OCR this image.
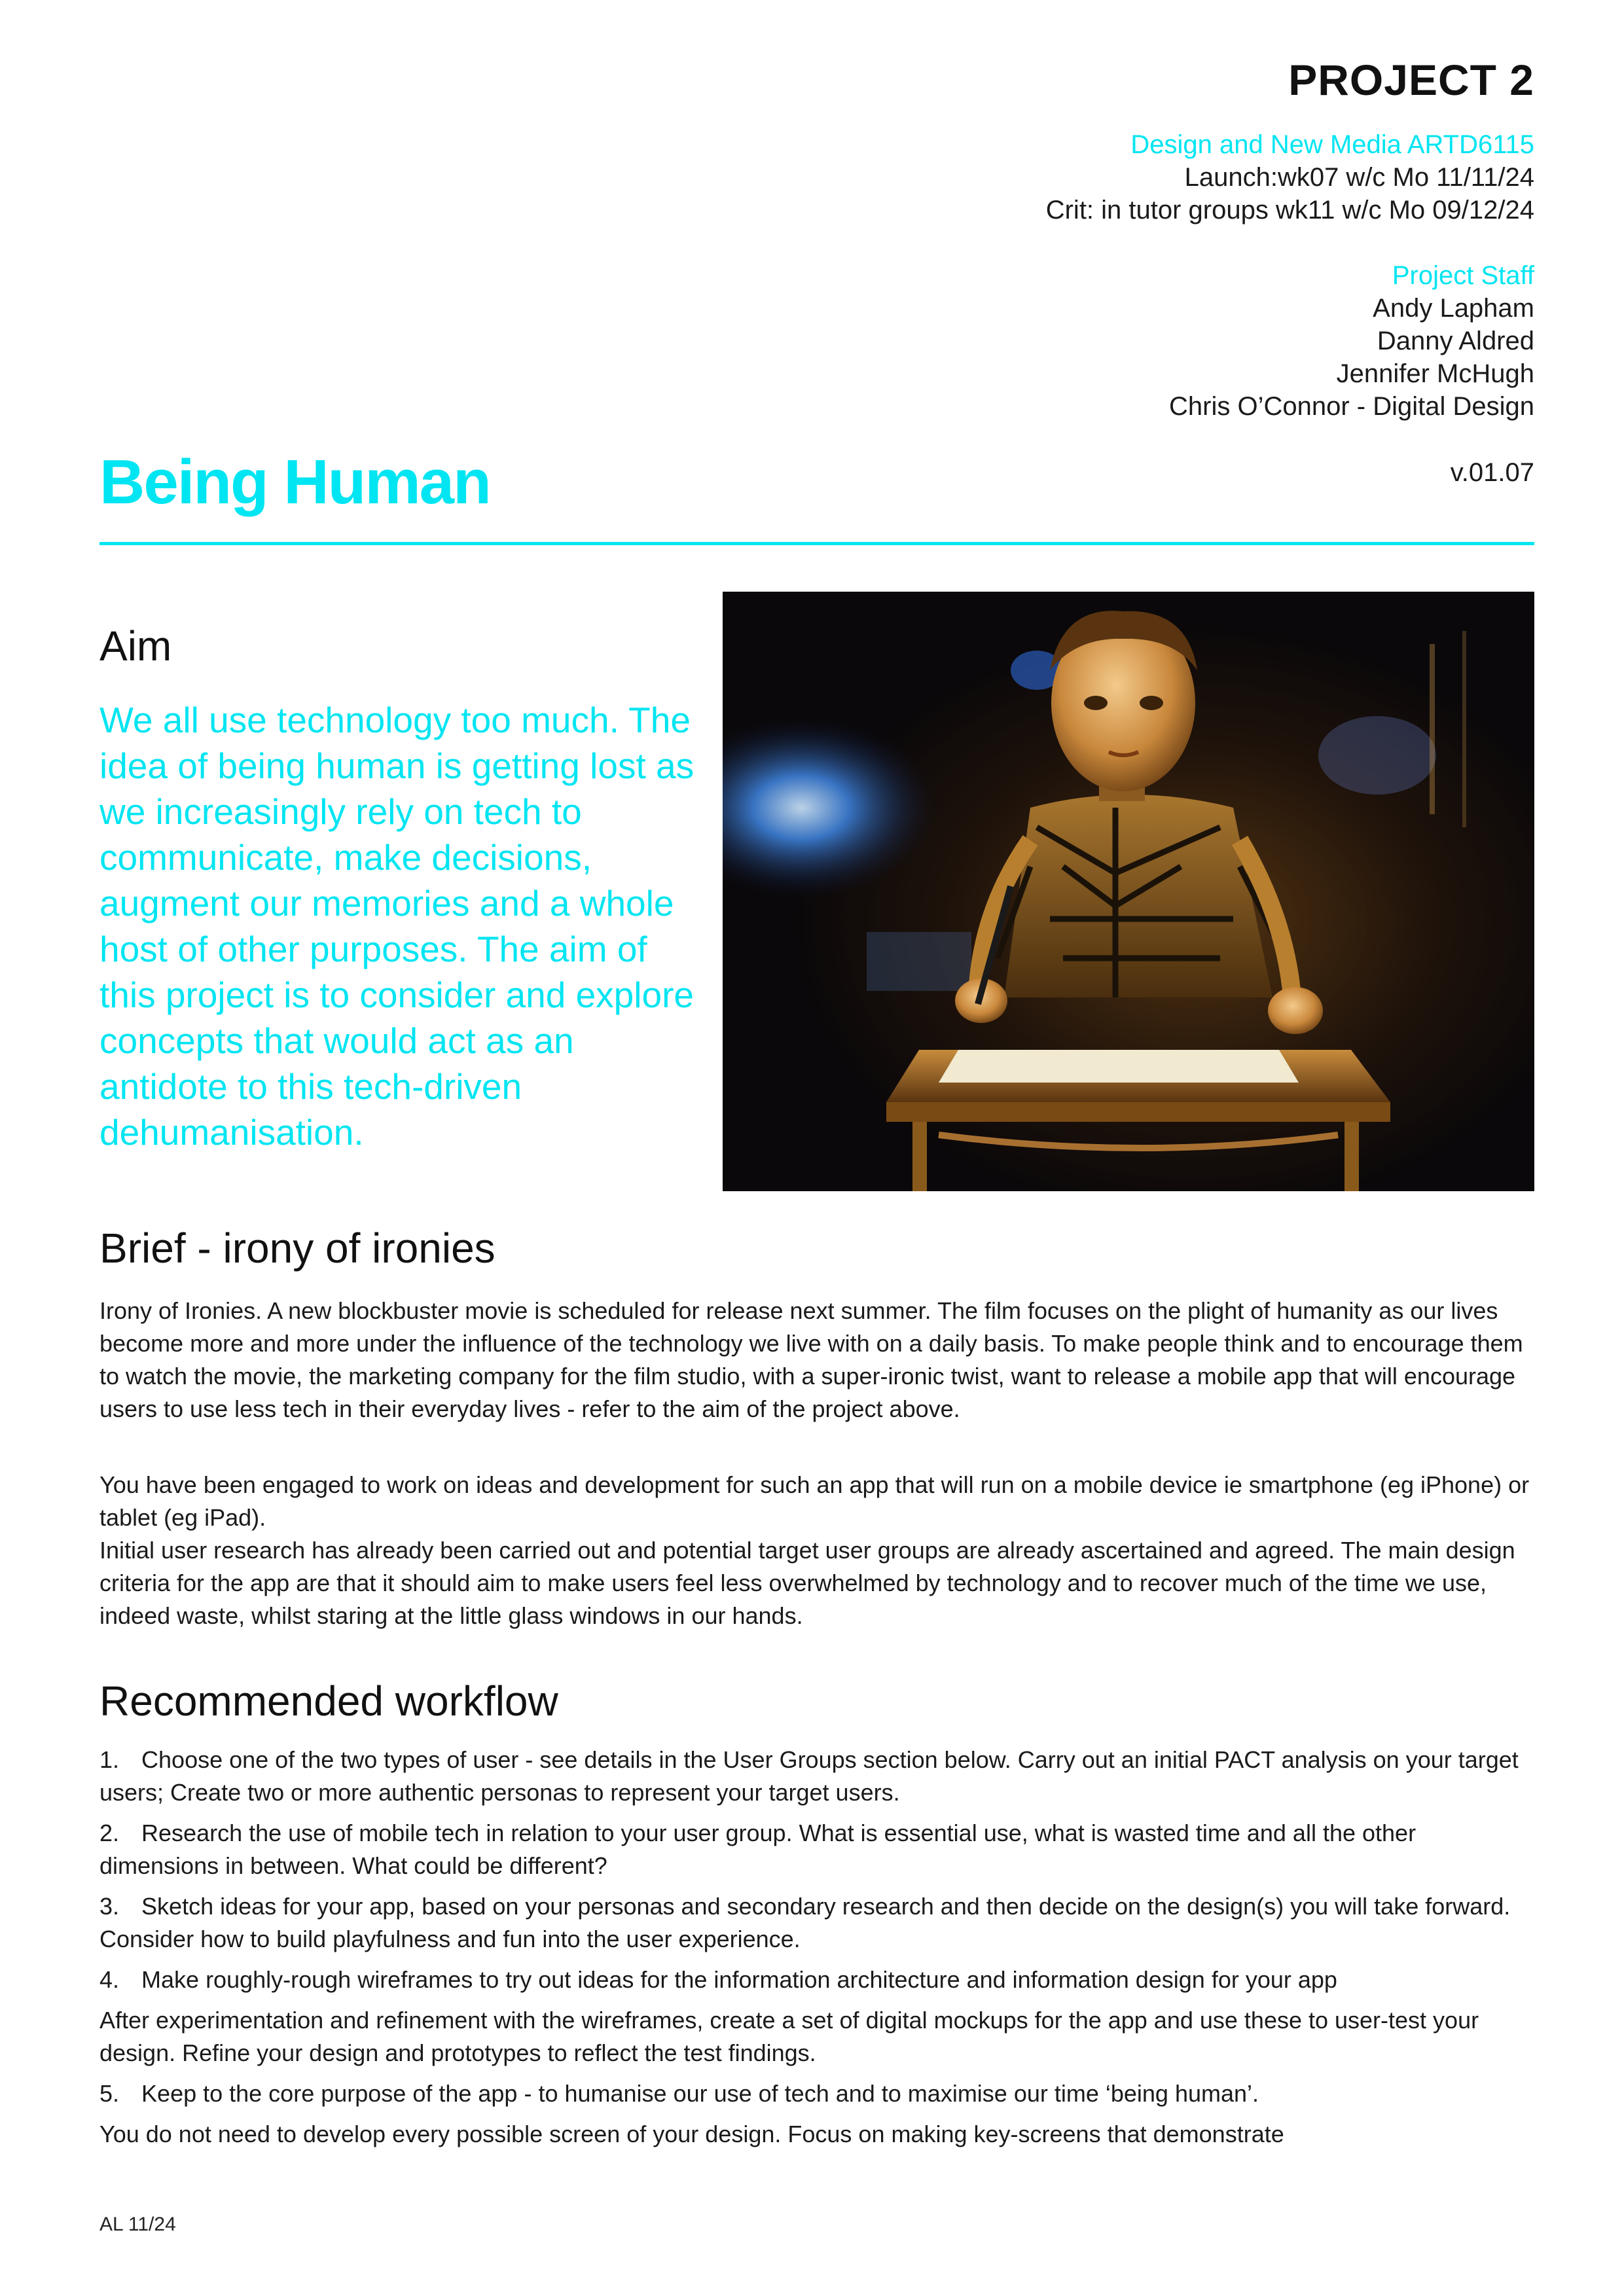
PROJECT 2
Design and New Media ARTD6115
Launch:wk07 w/c Mo 11/11/24
Crit: in tutor groups wk11 w/c Mo 09/12/24
Project Staff
Andy Lapham
Danny Aldred
Jennifer McHugh
Chris O’Connor - Digital Design
Being Human	v.01.07
Aim
We all use technology too much. The idea of being human is getting lost as we increasingly rely on tech to communicate, make decisions, augment our memories and a whole host of other purposes. The aim of this project is to consider and explore concepts that would act as an antidote to this tech-driven dehumanisation.
Brief - irony of ironies

Irony of Ironies. A new blockbuster movie is scheduled for release next summer. The film focuses on the plight of humanity as our lives become more and more under the influence of the technology we live with on a daily basis. To make people think and to encourage them to watch the movie, the marketing company for the film studio, with a super-ironic twist, want to release a mobile app that will encourage users to use less tech in their everyday lives - refer to the aim of the project above.

You have been engaged to work on ideas and development for such an app that will run on a mobile device ie smartphone (eg iPhone) or tablet (eg iPad).

Initial user research has already been carried out and potential target user groups are already ascertained and agreed. The main design criteria for the app are that it should aim to make users feel less overwhelmed by technology and to recover much of the time we use, indeed waste, whilst staring at the little glass windows in our hands.

Recommended workflow

1. Choose one of the two types of user - see details in the User Groups section below. Carry out an initial PACT analysis on your target users; Create two or more authentic personas to represent your target users.

2. Research the use of mobile tech in relation to your user group. What is essential use, what is wasted time and all the other dimensions in between. What could be different?

3. Sketch ideas for your app, based on your personas and secondary research and then decide on the design(s) you will take forward. Consider how to build playfulness and fun into the user experience.

4. Make roughly-rough wireframes to try out ideas for the information architecture and information design for your app

After experimentation and refinement with the wireframes, create a set of digital mockups for the app and use these to user-test your design. Refine your design and prototypes to reflect the test findings.

5. Keep to the core purpose of the app - to humanise our use of tech and to maximise our time ‘being human’.

You do not need to develop every possible screen of your design. Focus on making key-screens that demonstrate

AL 11/24
